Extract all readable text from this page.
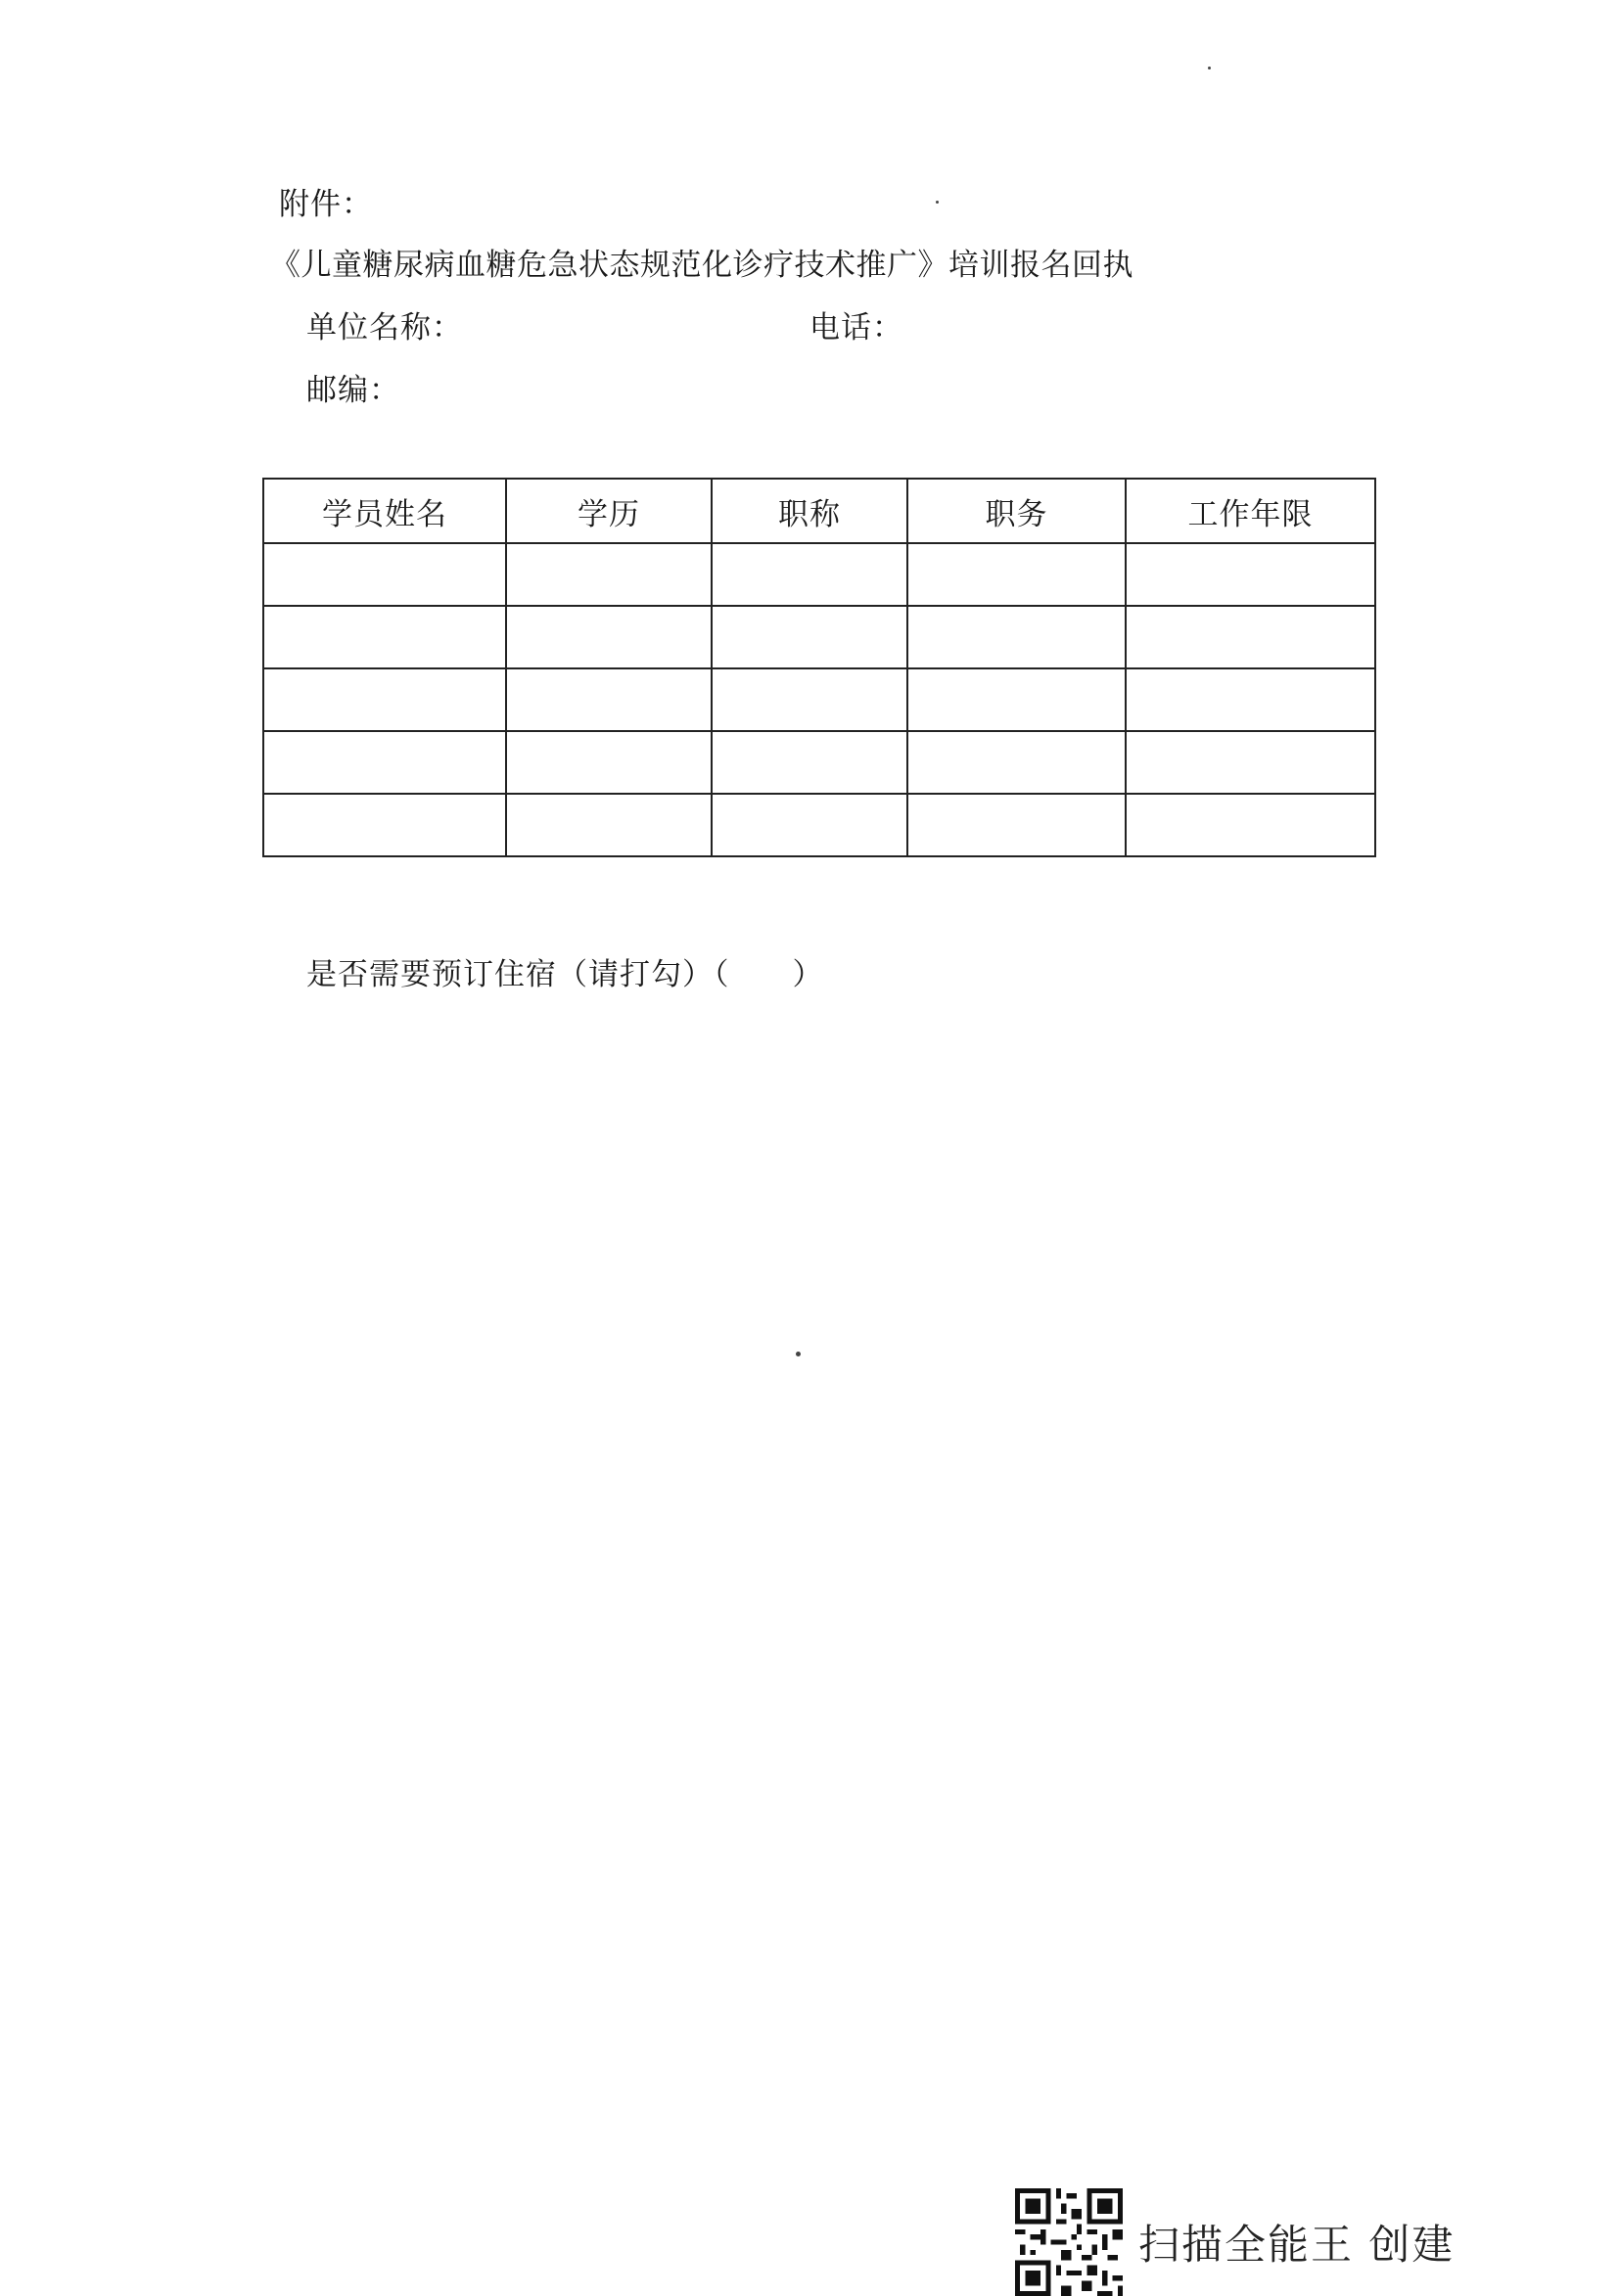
附件：
《儿童糖尿病血糖危急状态规范化诊疗技术推广》培训报名回执
单位名称：	电话：
邮编：
学员姓名	学历	职称	职务	工作年限

是否需要预订住宿（请打勾）（　　）
扫描全能王 创建
